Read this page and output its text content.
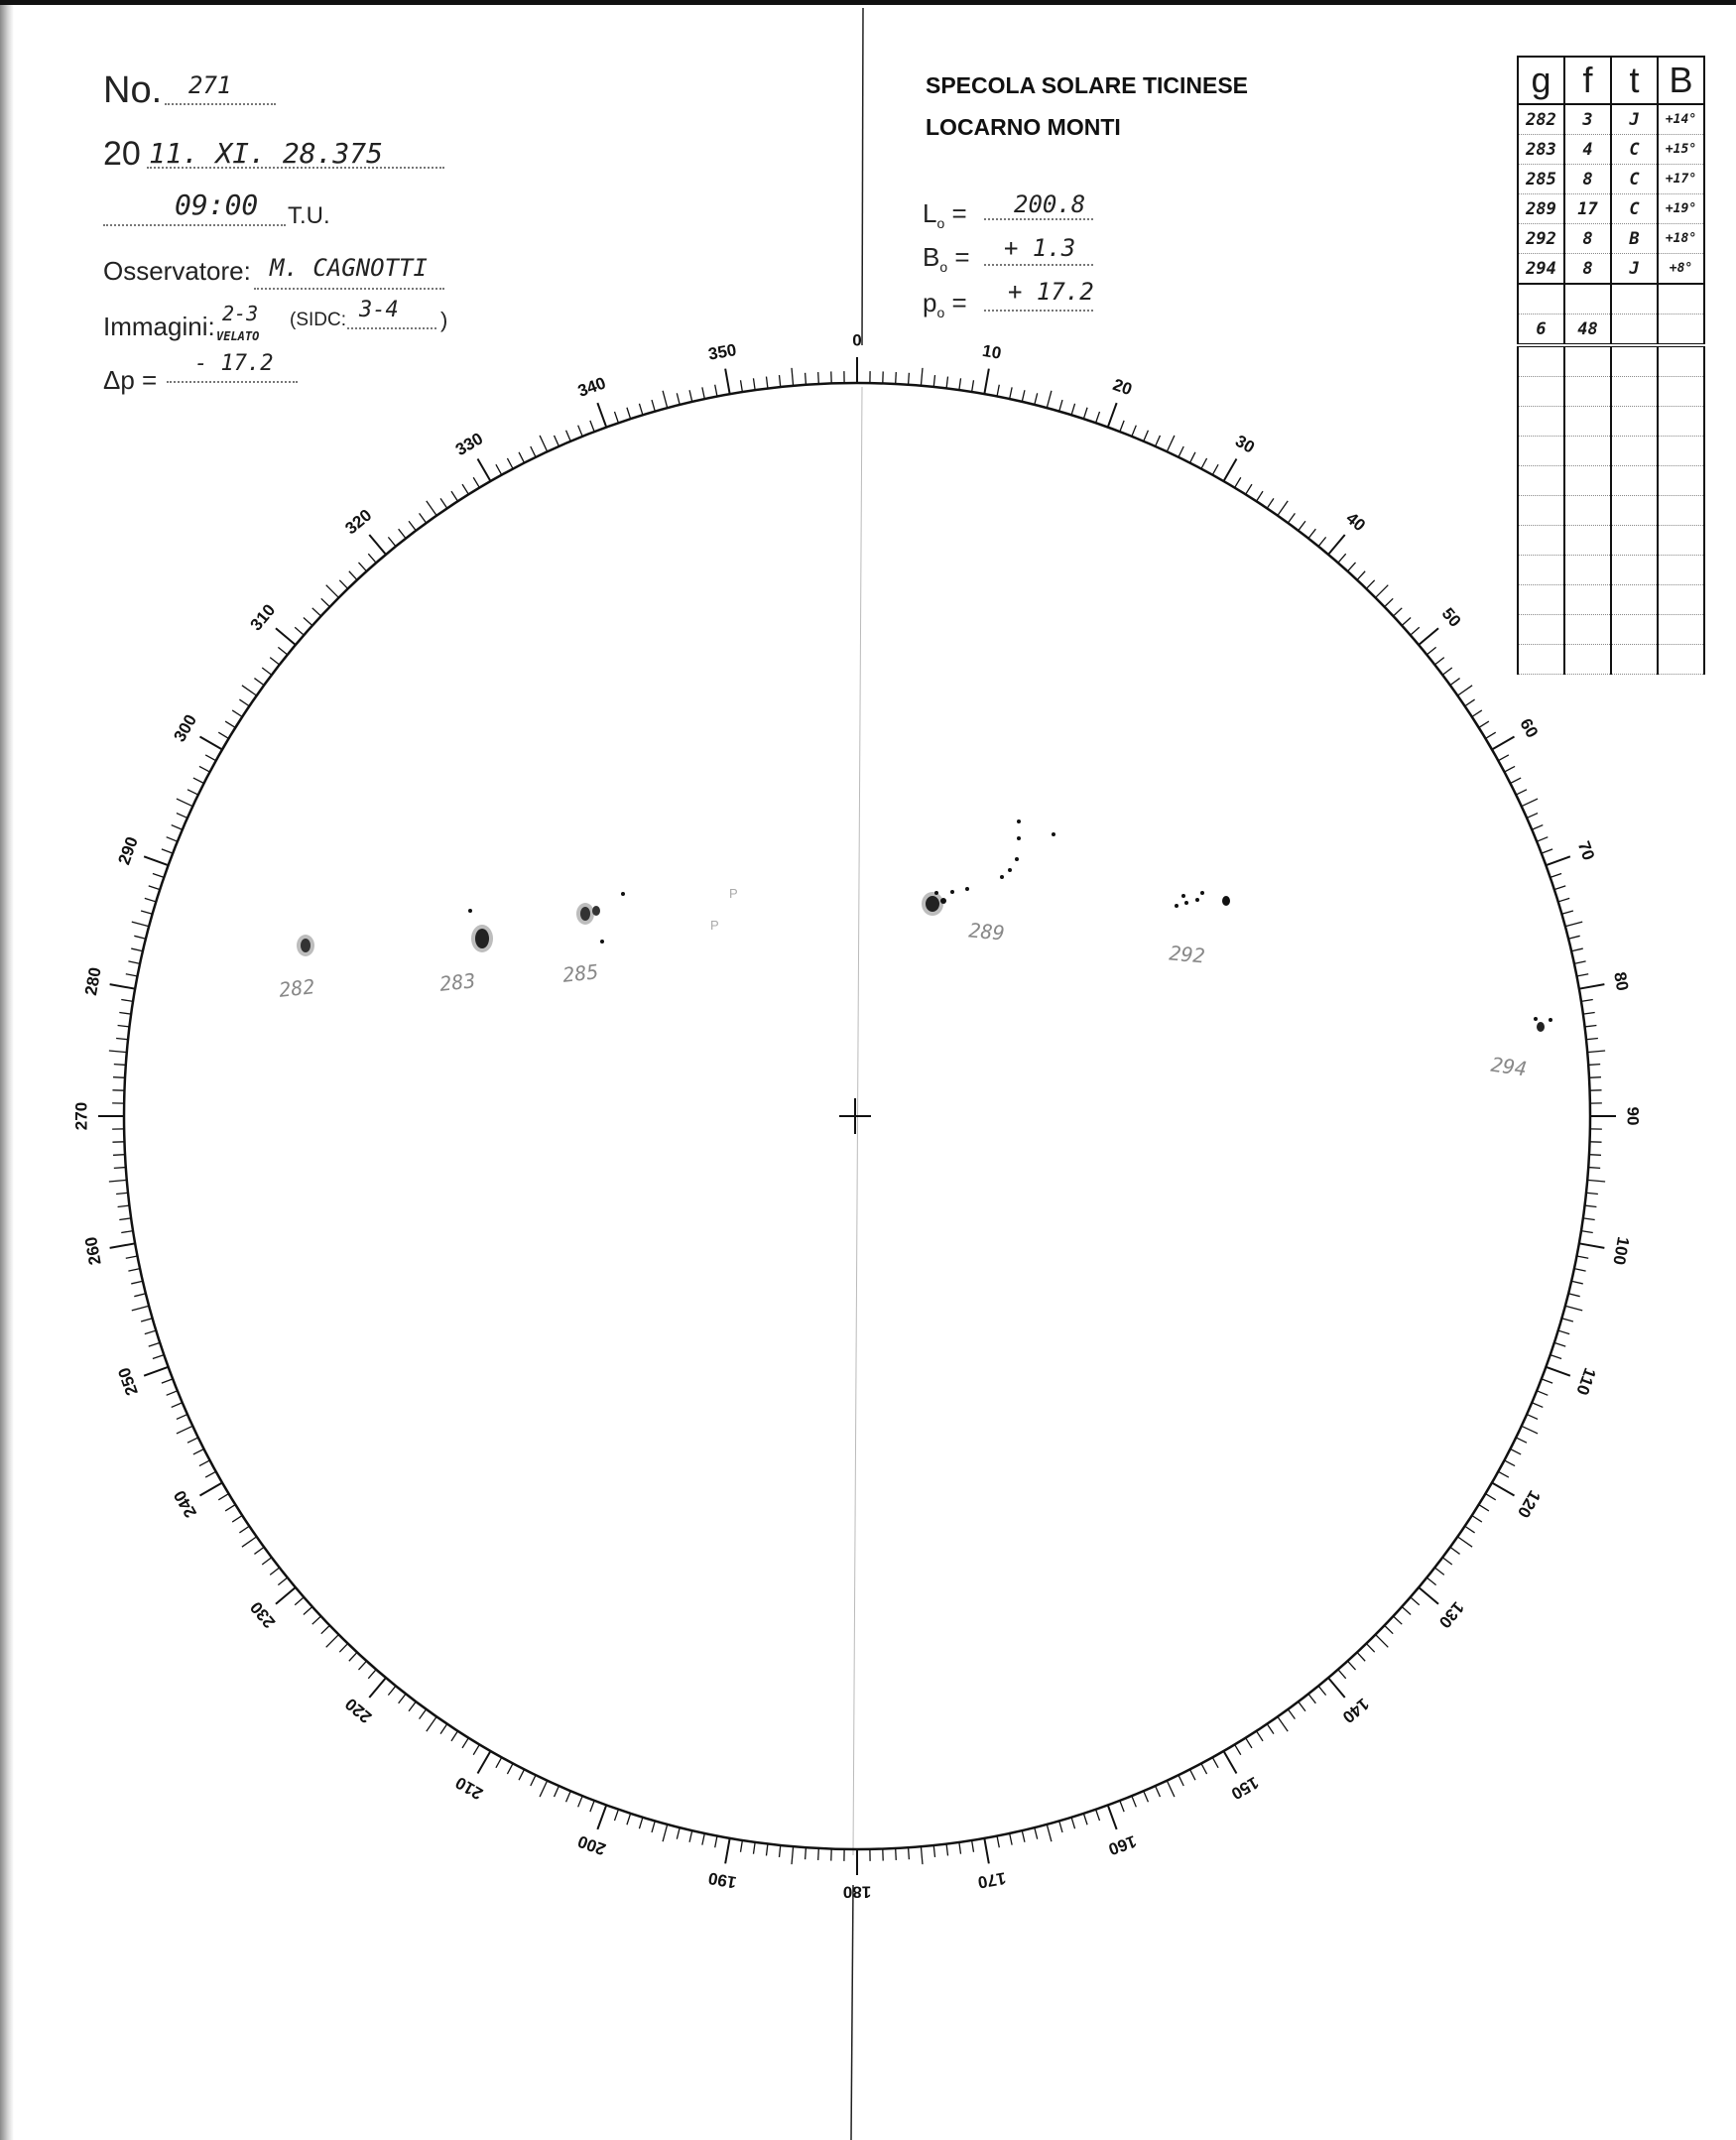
No. 271
20 11. XI. 28.375
09:00 T.U.
Osservatore: M. CAGNOTTI
Immagini: 2-3
VELATO
(SIDC: 3-4 )
Δp =
- 17.2
SPECOLA SOLARE TICINESE
LOCARNO MONTI
$L_o = 200.8$
$B_o$ = + 1.3
$p_o$ = + 17.2
g	f	t	B
282	3	J	+14°
283	4	C	+15°
285	8	C	+17°
289	17	C	+19°
292	8	B	+18°
294	8	J	+8°

6	48		

0
10
20
30
40
50
60
70
80
90
100
110
120
130
140
150
160
170
180
190
200
210
220
230
240
250
260
270
280
290
300
310
320
330
340
350
282	283	285
289
292
294
P
P
